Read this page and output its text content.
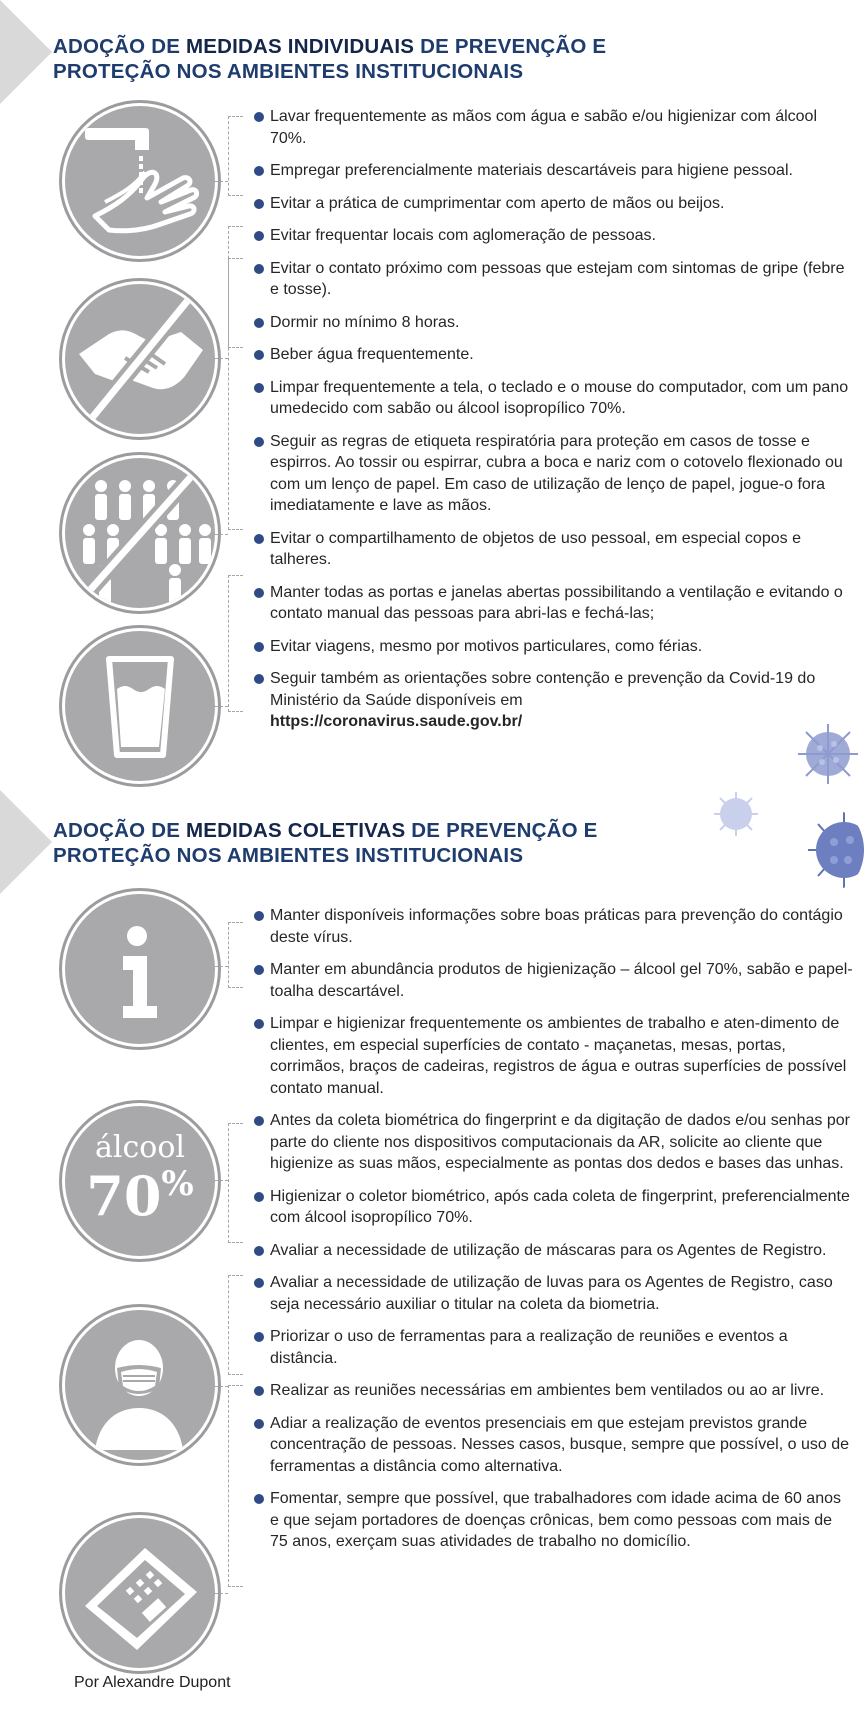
ADOÇÃO DE MEDIDAS INDIVIDUAIS DE PREVENÇÃO E
PROTEÇÃO NOS AMBIENTES INSTITUCIONAIS
Lavar frequentemente as mãos com água e sabão e/ou higienizar com álcool 70%.
Empregar preferencialmente materiais descartáveis para higiene pessoal.
Evitar a prática de cumprimentar com aperto de mãos ou beijos.
Evitar frequentar locais com aglomeração de pessoas.
Evitar o contato próximo com pessoas que estejam com sintomas de gripe (febre e tosse).
Dormir no mínimo 8 horas.
Beber água frequentemente.
Limpar frequentemente a tela, o teclado e o mouse do computador, com um pano umedecido com sabão ou álcool isopropílico 70%.
Seguir as regras de etiqueta respiratória para proteção em casos de tosse e espirros. Ao tossir ou espirrar, cubra a boca e nariz com o cotovelo flexionado ou com um lenço de papel. Em caso de utilização de lenço de papel, jogue-o fora imediatamente e lave as mãos.
Evitar o compartilhamento de objetos de uso pessoal, em especial copos e talheres.
Manter todas as portas e janelas abertas possibilitando a ventilação e evitando o contato manual das pessoas para abri-las e fechá-las;
Evitar viagens, mesmo por motivos particulares, como férias.
Seguir também as orientações sobre contenção e prevenção da Covid-19 do Ministério da Saúde disponíveis em
https://coronavirus.saude.gov.br/
ADOÇÃO DE MEDIDAS COLETIVAS DE PREVENÇÃO E
PROTEÇÃO NOS AMBIENTES INSTITUCIONAIS
álcool
70%
Manter disponíveis informações sobre boas práticas para prevenção do contágio deste vírus.
Manter em abundância produtos de higienização – álcool gel 70%, sabão e papel-toalha descartável.
Limpar e higienizar frequentemente os ambientes de trabalho e aten-dimento de clientes, em especial superfícies de contato - maçanetas, mesas, portas, corrimãos, braços de cadeiras, registros de água e outras superfícies de possível contato manual.
Antes da coleta biométrica do fingerprint e da digitação de dados e/ou senhas por parte do cliente nos dispositivos computacionais da AR, solicite ao cliente que higienize as suas mãos, especialmente as pontas dos dedos e bases das unhas.
Higienizar o coletor biométrico, após cada coleta de fingerprint, preferencialmente com álcool isopropílico 70%.
Avaliar a necessidade de utilização de máscaras para os Agentes de Registro.
Avaliar a necessidade de utilização de luvas para os Agentes de Registro, caso seja necessário auxiliar o titular na coleta da biometria.
Priorizar o uso de ferramentas para a realização de reuniões e eventos a distância.
Realizar as reuniões necessárias em ambientes bem ventilados ou ao ar livre.
Adiar a realização de eventos presenciais em que estejam previstos grande concentração de pessoas. Nesses casos, busque, sempre que possível, o uso de ferramentas a distância como alternativa.
Fomentar, sempre que possível, que trabalhadores com idade acima de 60 anos e que sejam portadores de doenças crônicas, bem como pessoas com mais de 75 anos, exerçam suas atividades de trabalho no domicílio.
Por Alexandre Dupont
